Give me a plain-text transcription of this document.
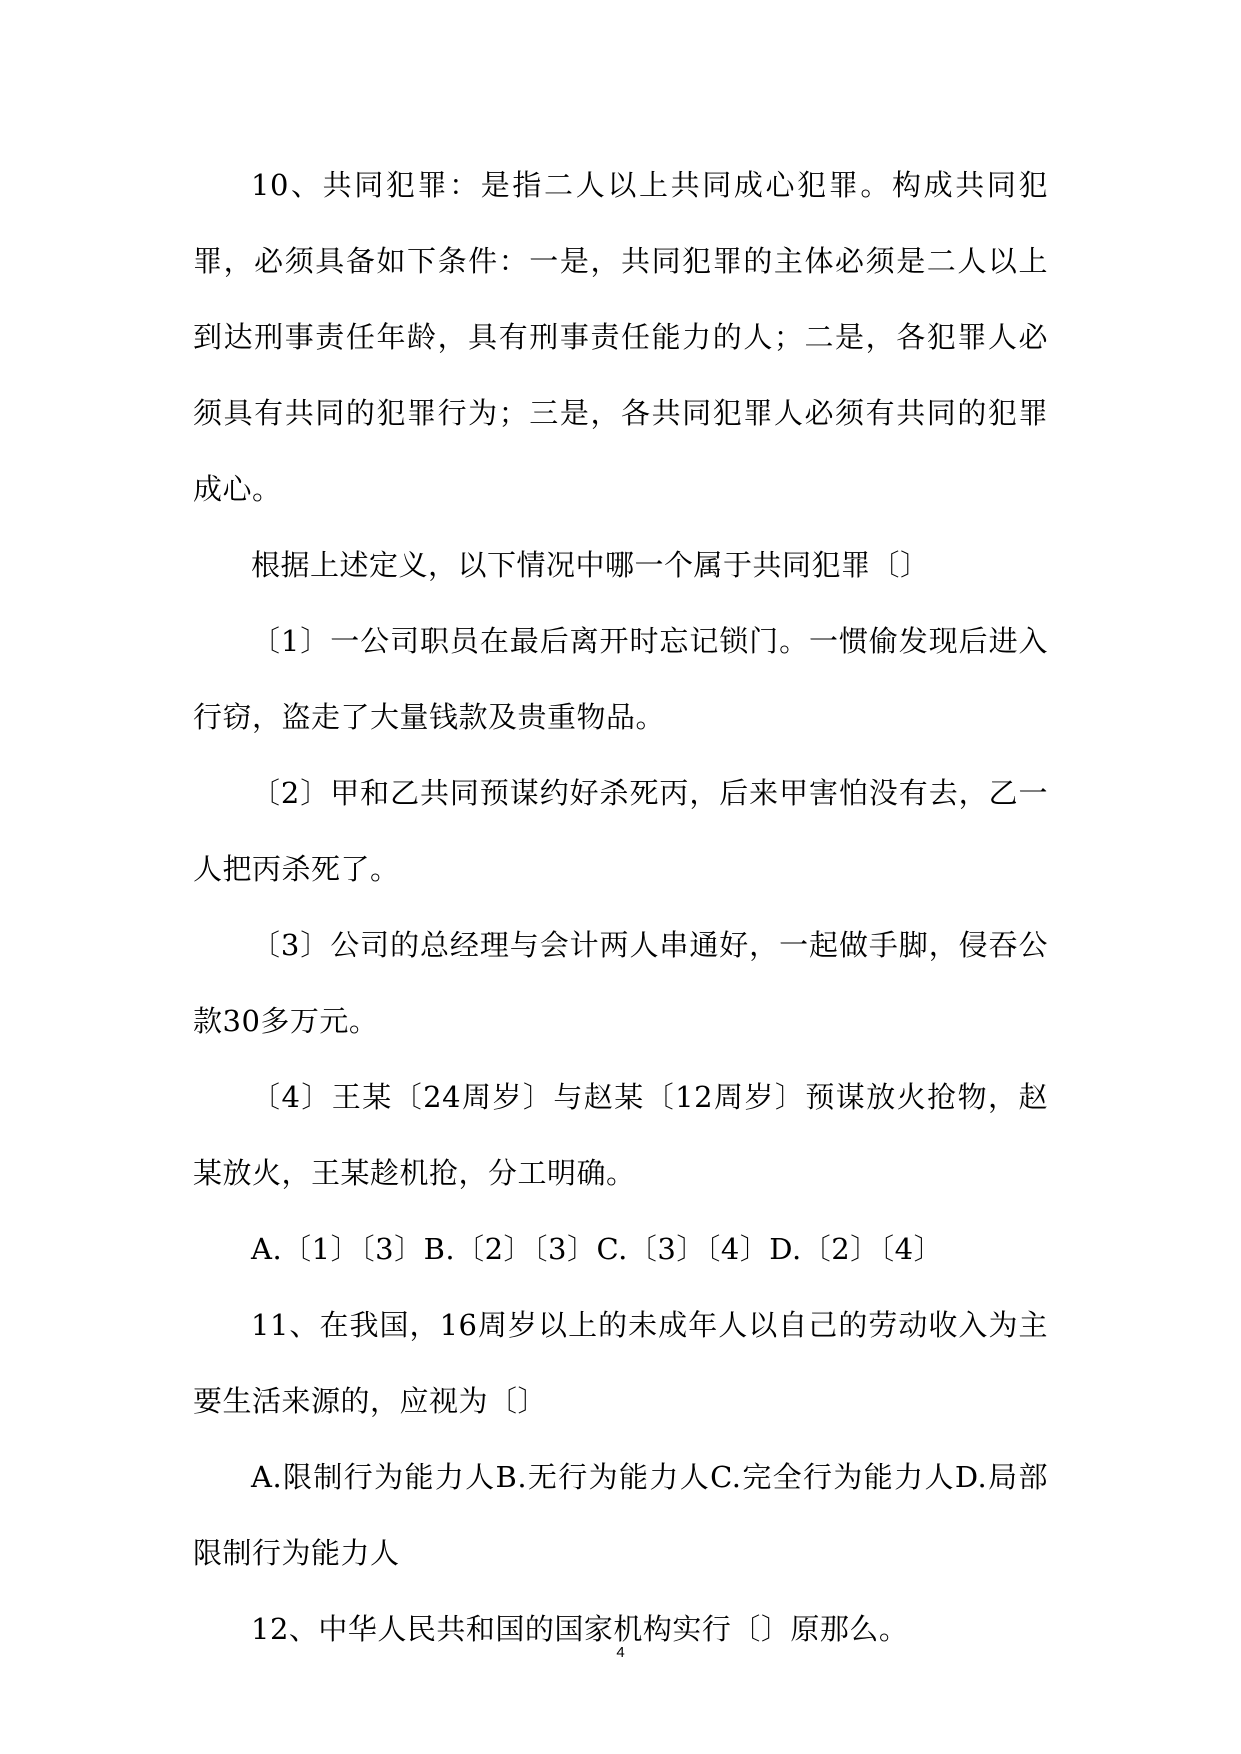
10、共同犯罪：是指二人以上共同成心犯罪。构成共同犯罪，必须具备如下条件：一是，共同犯罪的主体必须是二人以上到达刑事责任年龄，具有刑事责任能力的人；二是，各犯罪人必须具有共同的犯罪行为；三是，各共同犯罪人必须有共同的犯罪成心。

根据上述定义，以下情况中哪一个属于共同犯罪〔〕

〔1〕一公司职员在最后离开时忘记锁门。一惯偷发现后进入行窃，盗走了大量钱款及贵重物品。

〔2〕甲和乙共同预谋约好杀死丙，后来甲害怕没有去，乙一人把丙杀死了。

〔3〕公司的总经理与会计两人串通好，一起做手脚，侵吞公款30多万元。

〔4〕王某〔24周岁〕与赵某〔12周岁〕预谋放火抢物，赵某放火，王某趁机抢，分工明确。

A.〔1〕〔3〕B.〔2〕〔3〕C.〔3〕〔4〕D.〔2〕〔4〕

11、在我国，16周岁以上的未成年人以自己的劳动收入为主要生活来源的，应视为〔〕

A.限制行为能力人B.无行为能力人C.完全行为能力人D.局部限制行为能力人

12、中华人民共和国的国家机构实行〔〕原那么。

4
